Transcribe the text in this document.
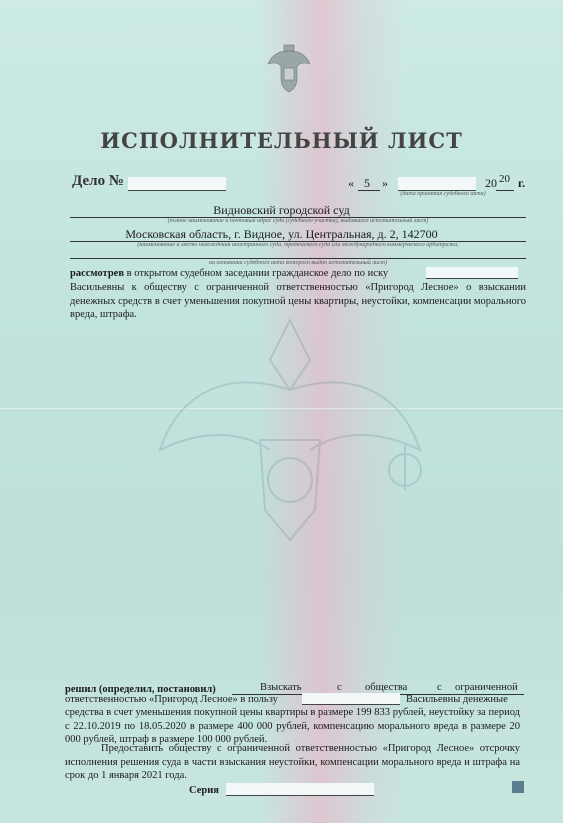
ИСПОЛНИТЕЛЬНЫЙ ЛИСТ
Дело №	« 5 »	20 20 г.
(дата принятия судебного акта)
Видновский городской суд
(полное наименование и почтовый адрес суда (судебного участка), выдавшего исполнительный лист)
Московская область, г. Видное, ул. Центральная, д. 2, 142700
(наименование и место нахождения иностранного суда, третейского суда или международного коммерческого арбитража,
на основании судебного акта которого выдан исполнительный лист)
рассмотрев в открытом судебном заседании гражданское дело по иску
Васильевны к обществу с ограниченной ответственностью «Пригород Лесное» о взыскании денежных средств в счет уменьшения покупной цены квартиры, неустойки, компенсации морального вреда, штрафа.
решил (определил, постановил)	Взыскать	с общества	с ограниченной
ответственностью «Пригород Лесное» в пользу	Васильевны денежные
средства в счет уменьшения покупной цены квартиры в размере 199 833 рублей, неустойку за период с 22.10.2019 по 18.05.2020 в размере 400 000 рублей, компенсацию морального вреда в размере 20 000 рублей, штраф в размере 100 000 рублей.
Предоставить обществу с ограниченной ответственностью «Пригород Лесное» отсрочку исполнения решения суда в части взыскания неустойки, компенсации морального вреда и штрафа на срок до 1 января 2021 года.
Серия
